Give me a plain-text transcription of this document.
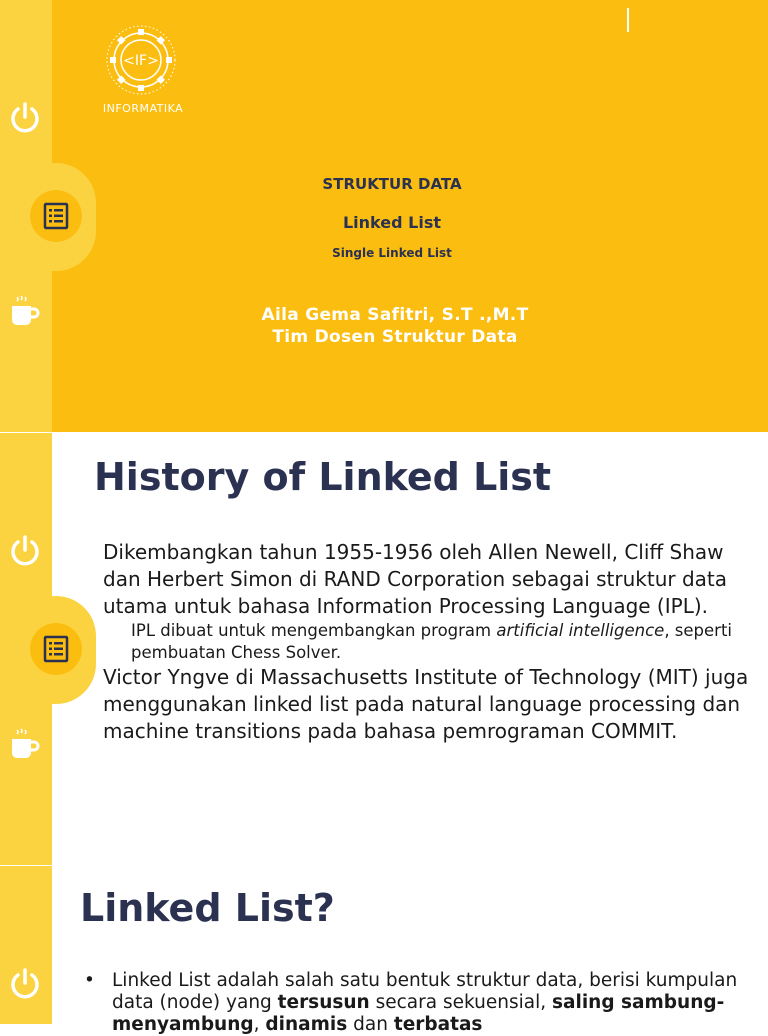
<IF>
INFORMATIKA
STRUKTUR DATA
Linked List
Single Linked List
Aila Gema Safitri, S.T .,M.T
Tim Dosen Struktur Data
History of Linked List

Dikembangkan tahun 1955-1956 oleh Allen Newell, Cliff Shaw dan Herbert Simon di RAND Corporation sebagai struktur data utama untuk bahasa Information Processing Language (IPL).

IPL dibuat untuk mengembangkan program artificial intelligence, seperti pembuatan Chess Solver.

Victor Yngve di Massachusetts Institute of Technology (MIT) juga menggunakan linked list pada natural language processing dan machine transitions pada bahasa pemrograman COMMIT.

Linked List?
• Linked List adalah salah satu bentuk struktur data, berisi kumpulan data (node) yang tersusun secara sekuensial, saling sambung-menyambung, dinamis dan terbatas
